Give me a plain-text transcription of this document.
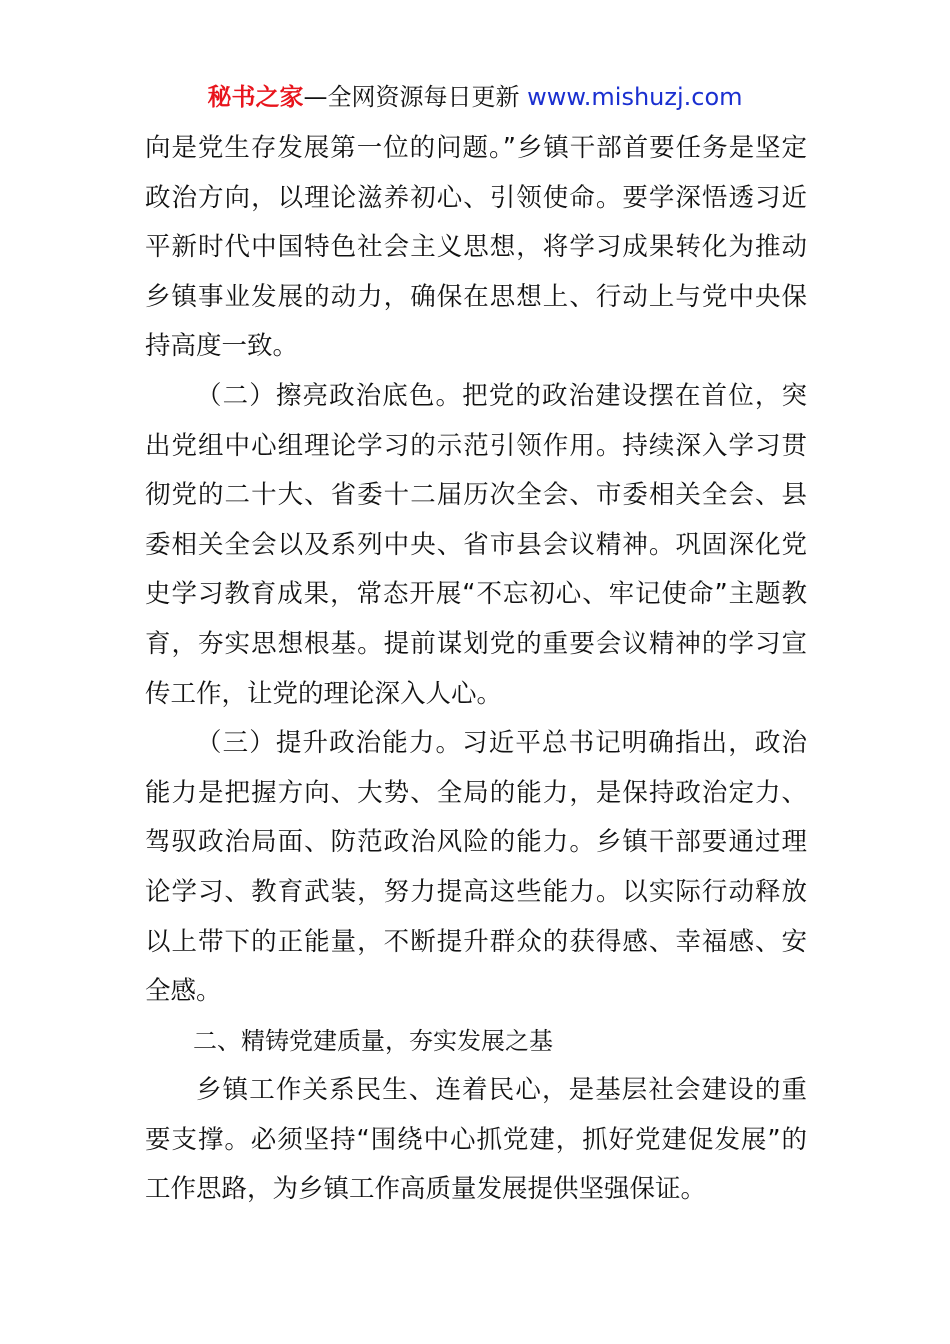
秘书之家—全网资源每日更新 www.mishuzj.com

向是党生存发展第一位的问题。”乡镇干部首要任务是坚定政治方向，以理论滋养初心、引领使命。要学深悟透习近平新时代中国特色社会主义思想，将学习成果转化为推动乡镇事业发展的动力，确保在思想上、行动上与党中央保持高度一致。

（二）擦亮政治底色。把党的政治建设摆在首位，突出党组中心组理论学习的示范引领作用。持续深入学习贯彻党的二十大、省委十二届历次全会、市委相关全会、县委相关全会以及系列中央、省市县会议精神。巩固深化党史学习教育成果，常态开展“不忘初心、牢记使命”主题教育，夯实思想根基。提前谋划党的重要会议精神的学习宣传工作，让党的理论深入人心。

（三）提升政治能力。习近平总书记明确指出，政治能力是把握方向、大势、全局的能力，是保持政治定力、驾驭政治局面、防范政治风险的能力。乡镇干部要通过理论学习、教育武装，努力提高这些能力。以实际行动释放以上带下的正能量，不断提升群众的获得感、幸福感、安全感。

二、精铸党建质量，夯实发展之基

乡镇工作关系民生、连着民心，是基层社会建设的重要支撑。必须坚持“围绕中心抓党建，抓好党建促发展”的工作思路，为乡镇工作高质量发展提供坚强保证。
